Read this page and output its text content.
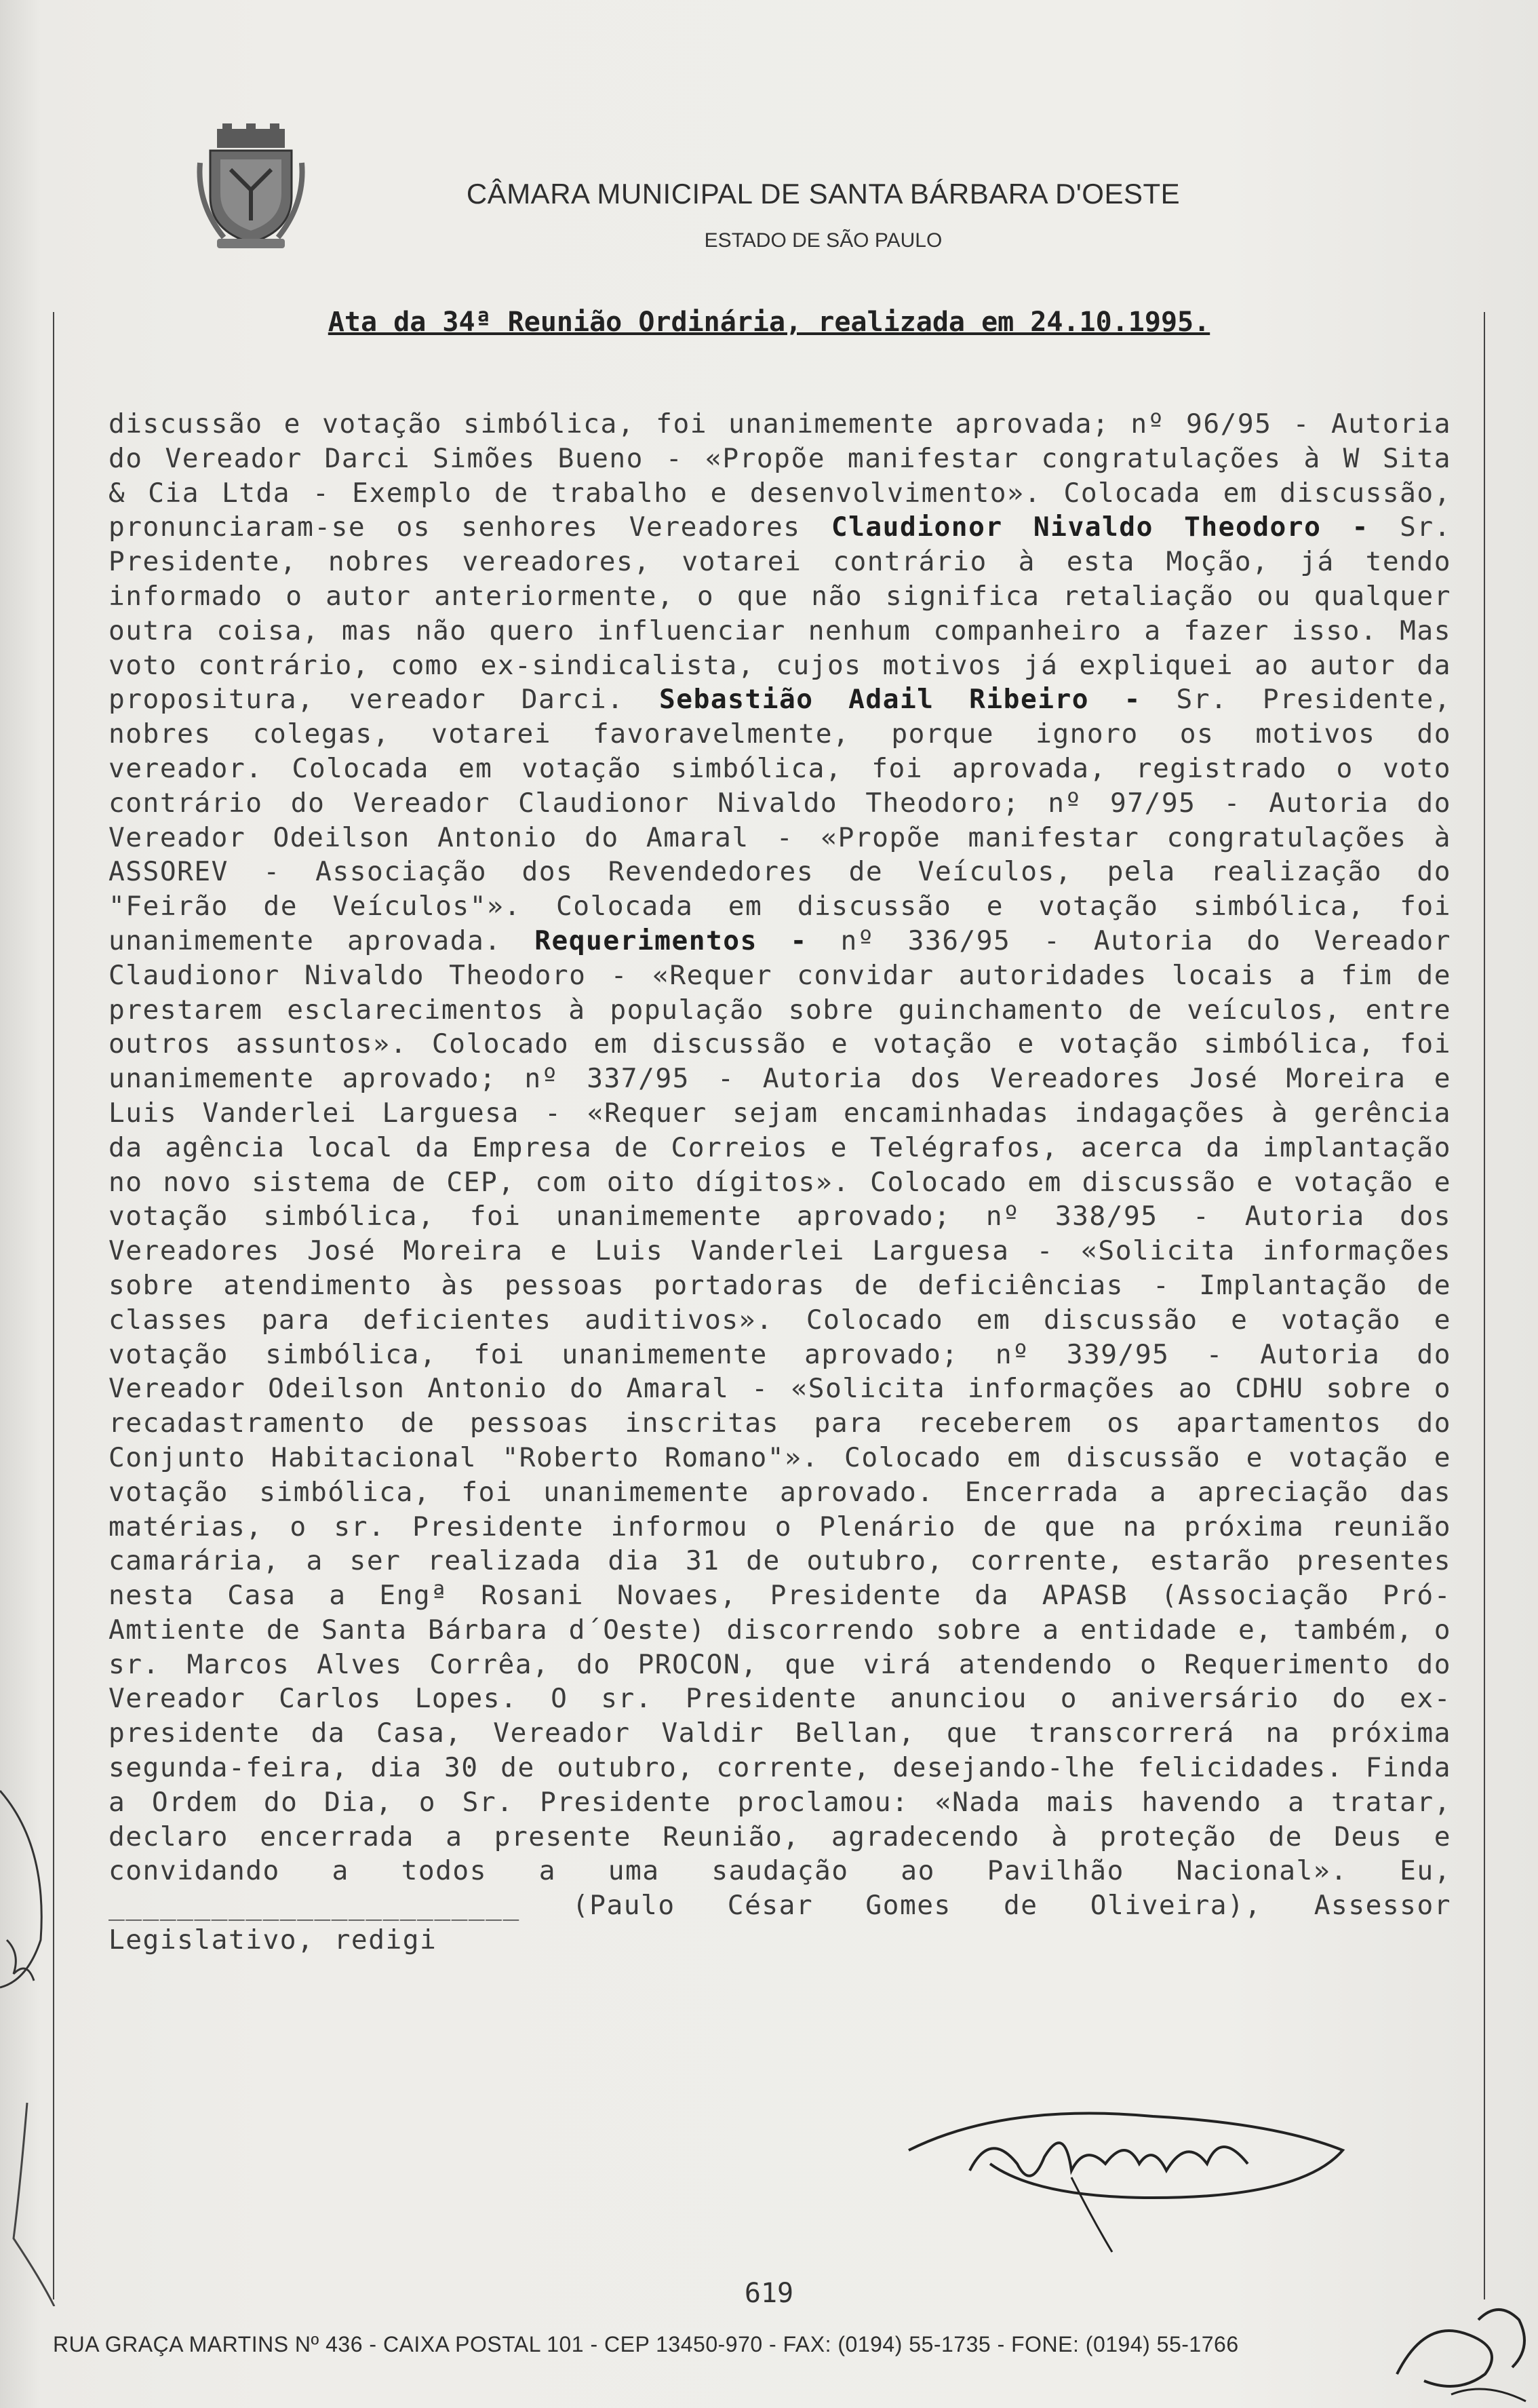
CÂMARA MUNICIPAL DE SANTA BÁRBARA D'OESTE
ESTADO DE SÃO PAULO
Ata da 34ª Reunião Ordinária, realizada em 24.10.1995.
discussão e votação simbólica, foi unanimemente aprovada; nº 96/95 - Autoria do Vereador Darci Simões Bueno - «Propõe manifestar congratulações à W Sita & Cia Ltda - Exemplo de trabalho e desenvolvimento». Colocada em discussão, pronunciaram-se os senhores Vereadores Claudionor Nivaldo Theodoro - Sr. Presidente, nobres vereadores, votarei contrário à esta Moção, já tendo informado o autor anteriormente, o que não significa retaliação ou qualquer outra coisa, mas não quero influenciar nenhum companheiro a fazer isso. Mas voto contrário, como ex-sindicalista, cujos motivos já expliquei ao autor da propositura, vereador Darci. Sebastião Adail Ribeiro - Sr. Presidente, nobres colegas, votarei favoravelmente, porque ignoro os motivos do vereador. Colocada em votação simbólica, foi aprovada, registrado o voto contrário do Vereador Claudionor Nivaldo Theodoro; nº 97/95 - Autoria do Vereador Odeilson Antonio do Amaral - «Propõe manifestar congratulações à ASSOREV - Associação dos Revendedores de Veículos, pela realização do "Feirão de Veículos"». Colocada em discussão e votação simbólica, foi unanimemente aprovada. Requerimentos - nº 336/95 - Autoria do Vereador Claudionor Nivaldo Theodoro - «Requer convidar autoridades locais a fim de prestarem esclarecimentos à população sobre guinchamento de veículos, entre outros assuntos». Colocado em discussão e votação e votação simbólica, foi unanimemente aprovado; nº 337/95 - Autoria dos Vereadores José Moreira e Luis Vanderlei Larguesa - «Requer sejam encaminhadas indagações à gerência da agência local da Empresa de Correios e Telégrafos, acerca da implantação no novo sistema de CEP, com oito dígitos». Colocado em discussão e votação e votação simbólica, foi unanimemente aprovado; nº 338/95 - Autoria dos Vereadores José Moreira e Luis Vanderlei Larguesa - «Solicita informações sobre atendimento às pessoas portadoras de deficiências - Implantação de classes para deficientes auditivos». Colocado em discussão e votação e votação simbólica, foi unanimemente aprovado; nº 339/95 - Autoria do Vereador Odeilson Antonio do Amaral - «Solicita informações ao CDHU sobre o recadastramento de pessoas inscritas para receberem os apartamentos do Conjunto Habitacional "Roberto Romano"». Colocado em discussão e votação e votação simbólica, foi unanimemente aprovado. Encerrada a apreciação das matérias, o sr. Presidente informou o Plenário de que na próxima reunião camarária, a ser realizada dia 31 de outubro, corrente, estarão presentes nesta Casa a Engª Rosani Novaes, Presidente da APASB (Associação Pró-Amtiente de Santa Bárbara d´Oeste) discorrendo sobre a entidade e, também, o sr. Marcos Alves Corrêa, do PROCON, que virá atendendo o Requerimento do Vereador Carlos Lopes. O sr. Presidente anunciou o aniversário do ex-presidente da Casa, Vereador Valdir Bellan, que transcorrerá na próxima segunda-feira, dia 30 de outubro, corrente, desejando-lhe felicidades. Finda a Ordem do Dia, o Sr. Presidente proclamou: «Nada mais havendo a tratar, declaro encerrada a presente Reunião, agradecendo à proteção de Deus e convidando a todos a uma saudação ao Pavilhão Nacional». Eu, ________________________ (Paulo César Gomes de Oliveira), Assessor Legislativo, redigi
619
RUA GRAÇA MARTINS Nº 436 - CAIXA POSTAL 101 - CEP 13450-970 - FAX: (0194) 55-1735 - FONE: (0194) 55-1766
